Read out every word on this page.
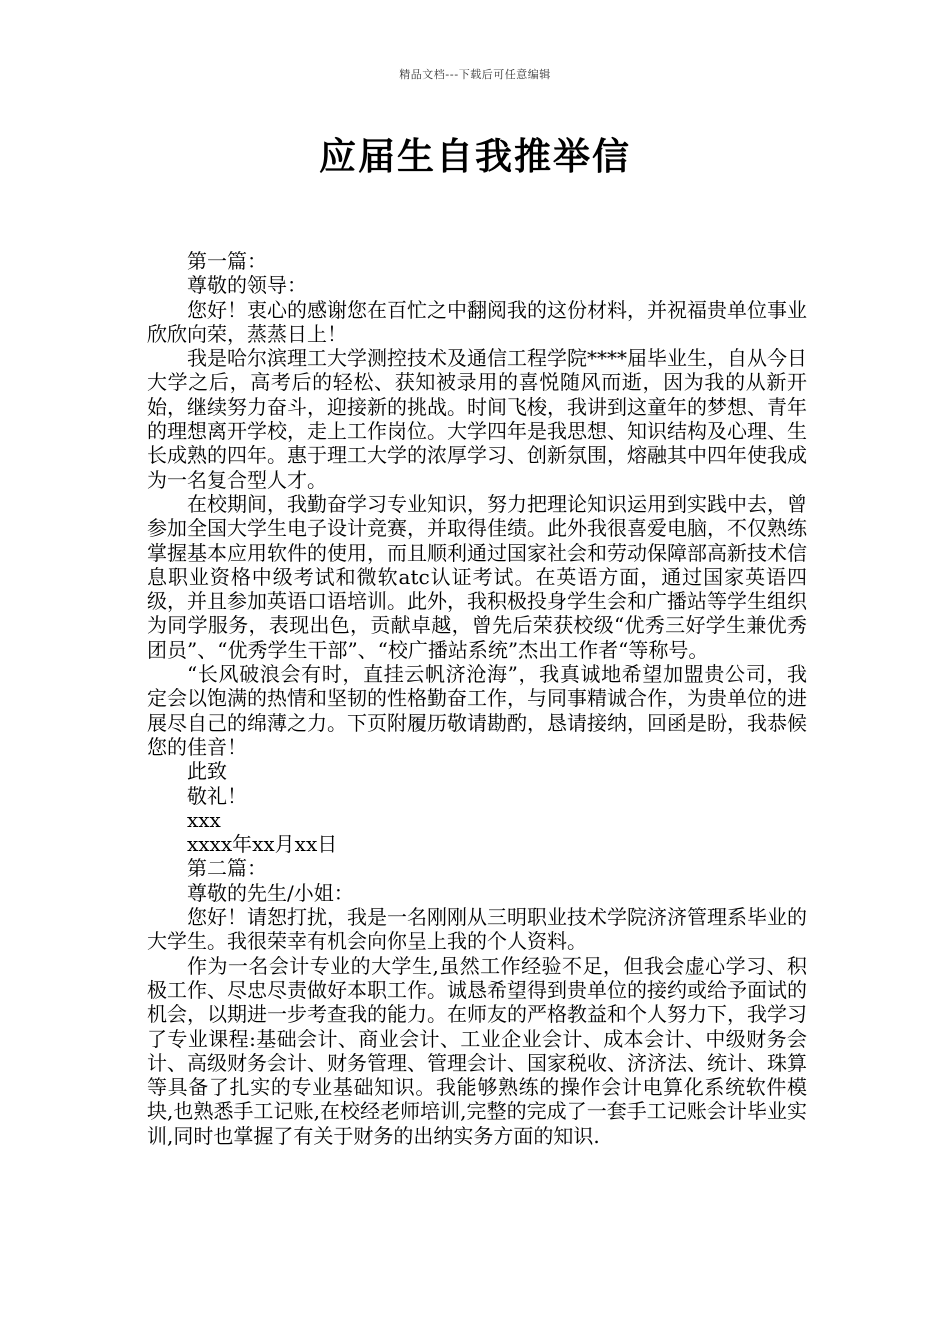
精品文档---下载后可任意编辑
应届生自我推举信

第一篇：

尊敬的领导：

您好！衷心的感谢您在百忙之中翻阅我的这份材料，并祝福贵单位事业欣欣向荣，蒸蒸日上！

我是哈尔滨理工大学测控技术及通信工程学院****届毕业生，自从今日大学之后，高考后的轻松、获知被录用的喜悦随风而逝，因为我的从新开始，继续努力奋斗，迎接新的挑战。时间飞梭，我讲到这童年的梦想、青年的理想离开学校，走上工作岗位。大学四年是我思想、知识结构及心理、生长成熟的四年。惠于理工大学的浓厚学习、创新氛围，熔融其中四年使我成为一名复合型人才。

在校期间，我勤奋学习专业知识，努力把理论知识运用到实践中去，曾参加全国大学生电子设计竞赛，并取得佳绩。此外我很喜爱电脑，不仅熟练掌握基本应用软件的使用，而且顺利通过国家社会和劳动保障部高新技术信息职业资格中级考试和微软atc认证考试。在英语方面，通过国家英语四级，并且参加英语口语培训。此外，我积极投身学生会和广播站等学生组织为同学服务，表现出色，贡献卓越，曾先后荣获校级“优秀三好学生兼优秀团员”、“优秀学生干部”、“校广播站系统”杰出工作者“等称号。

“长风破浪会有时，直挂云帆济沧海”，我真诚地希望加盟贵公司，我定会以饱满的热情和坚韧的性格勤奋工作，与同事精诚合作，为贵单位的进展尽自己的绵薄之力。下页附履历敬请勘酌，恳请接纳，回函是盼，我恭候您的佳音！

此致

敬礼！

xxx

xxxx年xx月xx日

第二篇：

尊敬的先生/小姐：

您好！请恕打扰，我是一名刚刚从三明职业技术学院济济管理系毕业的大学生。我很荣幸有机会向你呈上我的个人资料。

作为一名会计专业的大学生,虽然工作经验不足，但我会虚心学习、积极工作、尽忠尽责做好本职工作。诚恳希望得到贵单位的接约或给予面试的机会，以期进一步考查我的能力。在师友的严格教益和个人努力下，我学习了专业课程:基础会计、商业会计、工业企业会计、成本会计、中级财务会计、高级财务会计、财务管理、管理会计、国家税收、济济法、统计、珠算等具备了扎实的专业基础知识。我能够熟练的操作会计电算化系统软件模块,也熟悉手工记账,在校经老师培训,完整的完成了一套手工记账会计毕业实训,同时也掌握了有关于财务的出纳实务方面的知识.
